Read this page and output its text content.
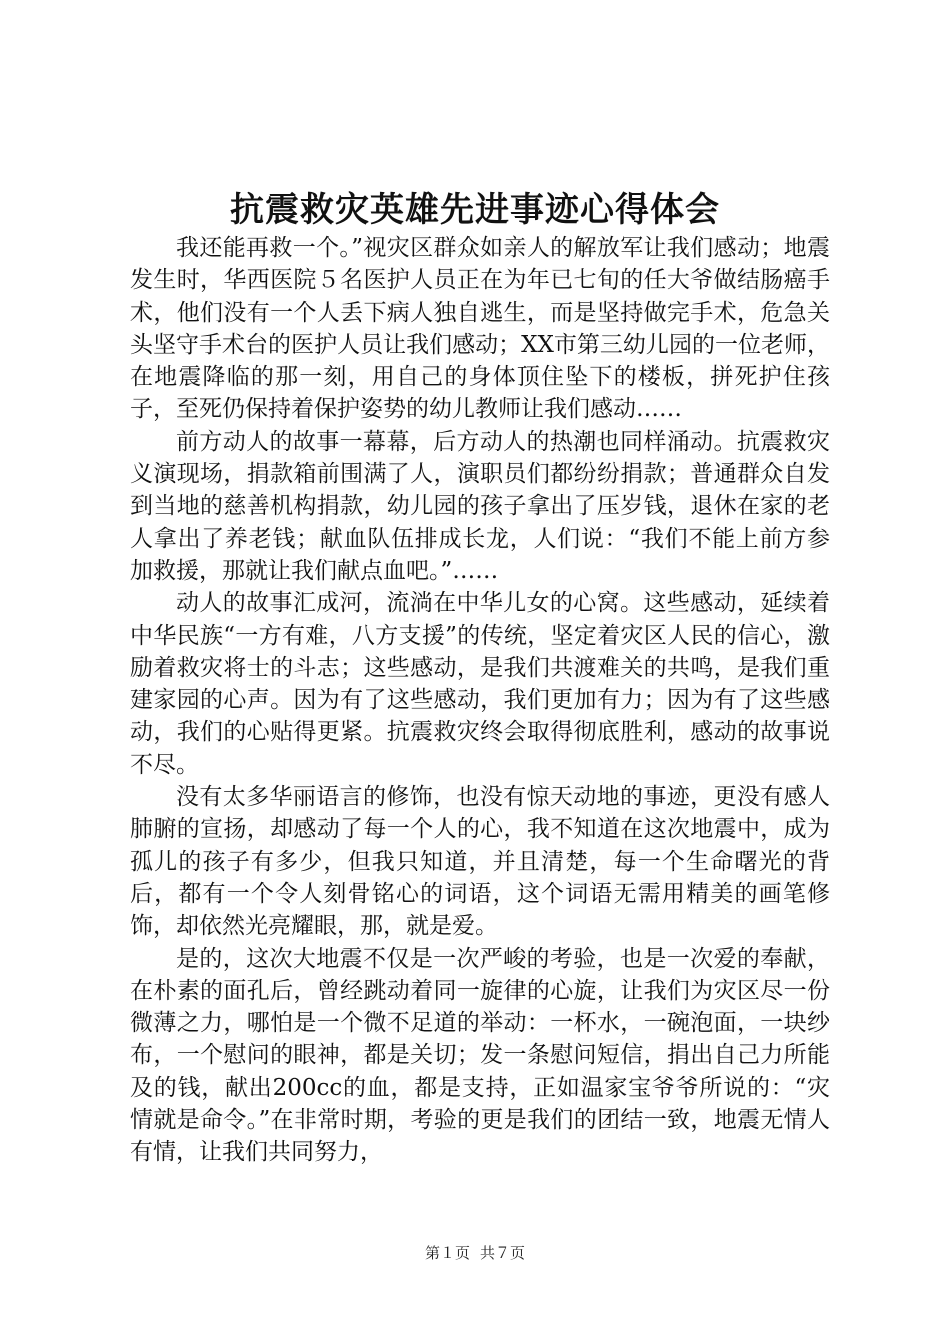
抗震救灾英雄先进事迹心得体会

我还能再救一个。”视灾区群众如亲人的解放军让我们感动；地震发生时，华西医院５名医护人员正在为年已七旬的任大爷做结肠癌手术，他们没有一个人丢下病人独自逃生，而是坚持做完手术，危急关头坚守手术台的医护人员让我们感动；XX市第三幼儿园的一位老师，在地震降临的那一刻，用自己的身体顶住坠下的楼板，拼死护住孩子，至死仍保持着保护姿势的幼儿教师让我们感动……

前方动人的故事一幕幕，后方动人的热潮也同样涌动。抗震救灾义演现场，捐款箱前围满了人，演职员们都纷纷捐款；普通群众自发到当地的慈善机构捐款，幼儿园的孩子拿出了压岁钱，退休在家的老人拿出了养老钱；献血队伍排成长龙，人们说：“我们不能上前方参加救援，那就让我们献点血吧。”……

动人的故事汇成河，流淌在中华儿女的心窝。这些感动，延续着中华民族“一方有难，八方支援”的传统，坚定着灾区人民的信心，激励着救灾将士的斗志；这些感动，是我们共渡难关的共鸣，是我们重建家园的心声。因为有了这些感动，我们更加有力；因为有了这些感动，我们的心贴得更紧。抗震救灾终会取得彻底胜利，感动的故事说不尽。

没有太多华丽语言的修饰，也没有惊天动地的事迹，更没有感人肺腑的宣扬，却感动了每一个人的心，我不知道在这次地震中，成为孤儿的孩子有多少，但我只知道，并且清楚，每一个生命曙光的背后，都有一个令人刻骨铭心的词语，这个词语无需用精美的画笔修饰，却依然光亮耀眼，那，就是爱。

是的，这次大地震不仅是一次严峻的考验，也是一次爱的奉献，在朴素的面孔后，曾经跳动着同一旋律的心旋，让我们为灾区尽一份微薄之力，哪怕是一个微不足道的举动：一杯水，一碗泡面，一块纱布，一个慰问的眼神，都是关切；发一条慰问短信，捐出自己力所能及的钱，献出200cc的血，都是支持，正如温家宝爷爷所说的：“灾情就是命令。”在非常时期，考验的更是我们的团结一致，地震无情人有情，让我们共同努力，

第１页 共７页
